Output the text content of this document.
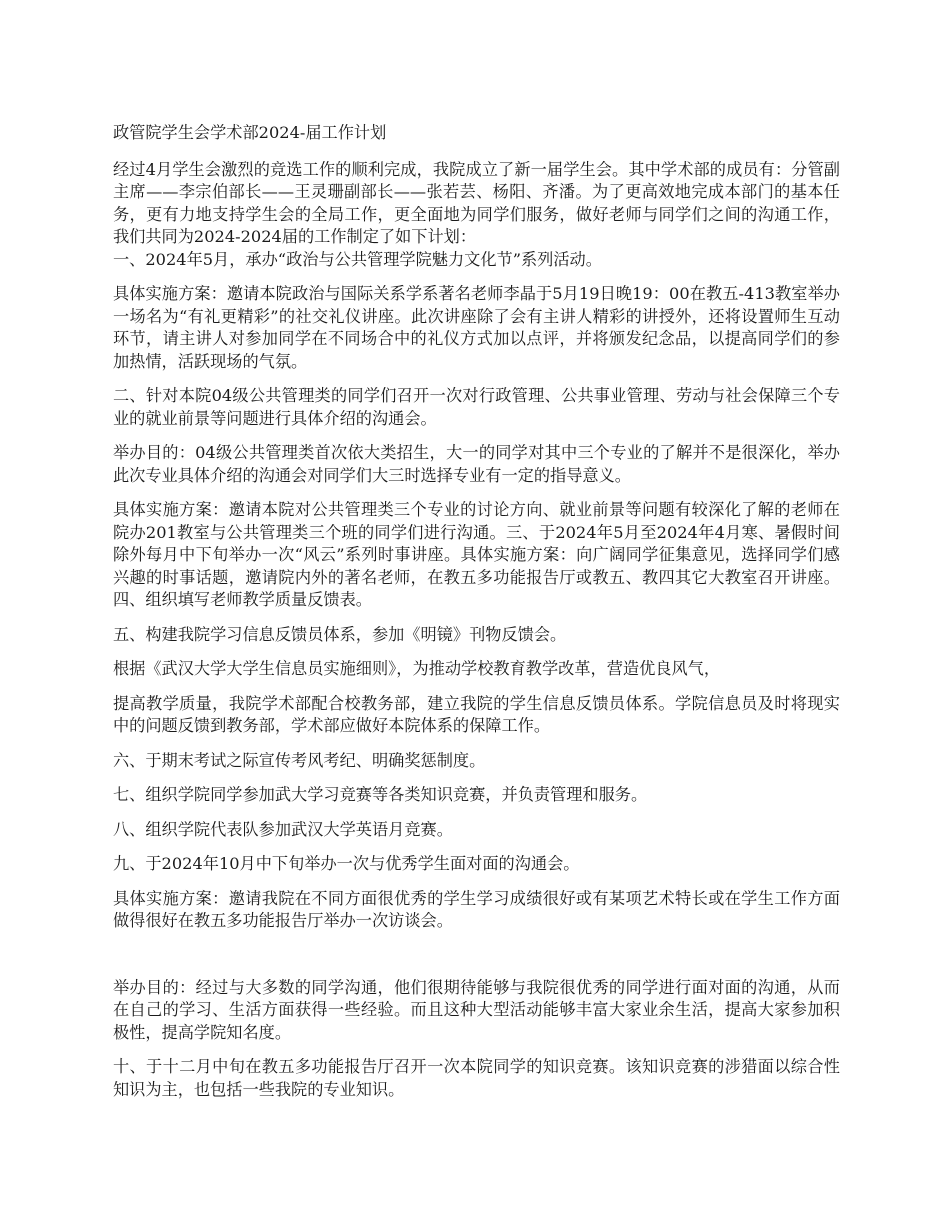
政管院学生会学术部2024-届工作计划
经过4月学生会激烈的竞选工作的顺利完成，我院成立了新一届学生会。其中学术部的成员有：分管副主席——李宗伯部长——王灵珊副部长——张若芸、杨阳、齐潘。为了更高效地完成本部门的基本任务，更有力地支持学生会的全局工作，更全面地为同学们服务，做好老师与同学们之间的沟通工作，我们共同为2024-2024届的工作制定了如下计划：
一、2024年5月，承办“政治与公共管理学院魅力文化节”系列活动。
具体实施方案：邀请本院政治与国际关系学系著名老师李晶于5月19日晚19：00在教五-413教室举办一场名为“有礼更精彩”的社交礼仪讲座。此次讲座除了会有主讲人精彩的讲授外，还将设置师生互动环节，请主讲人对参加同学在不同场合中的礼仪方式加以点评，并将颁发纪念品，以提高同学们的参加热情，活跃现场的气氛。
二、针对本院04级公共管理类的同学们召开一次对行政管理、公共事业管理、劳动与社会保障三个专业的就业前景等问题进行具体介绍的沟通会。
举办目的：04级公共管理类首次依大类招生，大一的同学对其中三个专业的了解并不是很深化，举办此次专业具体介绍的沟通会对同学们大三时选择专业有一定的指导意义。
具体实施方案：邀请本院对公共管理类三个专业的讨论方向、就业前景等问题有较深化了解的老师在院办201教室与公共管理类三个班的同学们进行沟通。三、于2024年5月至2024年4月寒、暑假时间除外每月中下旬举办一次“风云”系列时事讲座。具体实施方案：向广阔同学征集意见，选择同学们感兴趣的时事话题，邀请院内外的著名老师，在教五多功能报告厅或教五、教四其它大教室召开讲座。四、组织填写老师教学质量反馈表。
五、构建我院学习信息反馈员体系，参加《明镜》刊物反馈会。
根据《武汉大学大学生信息员实施细则》，为推动学校教育教学改革，营造优良风气，
提高教学质量，我院学术部配合校教务部，建立我院的学生信息反馈员体系。学院信息员及时将现实中的问题反馈到教务部，学术部应做好本院体系的保障工作。
六、于期末考试之际宣传考风考纪、明确奖惩制度。
七、组织学院同学参加武大学习竞赛等各类知识竞赛，并负责管理和服务。
八、组织学院代表队参加武汉大学英语月竞赛。
九、于2024年10月中下旬举办一次与优秀学生面对面的沟通会。
具体实施方案：邀请我院在不同方面很优秀的学生学习成绩很好或有某项艺术特长或在学生工作方面做得很好在教五多功能报告厅举办一次访谈会。
举办目的：经过与大多数的同学沟通，他们很期待能够与我院很优秀的同学进行面对面的沟通，从而在自己的学习、生活方面获得一些经验。而且这种大型活动能够丰富大家业余生活，提高大家参加积极性，提高学院知名度。
十、于十二月中旬在教五多功能报告厅召开一次本院同学的知识竞赛。该知识竞赛的涉猎面以综合性知识为主，也包括一些我院的专业知识。
